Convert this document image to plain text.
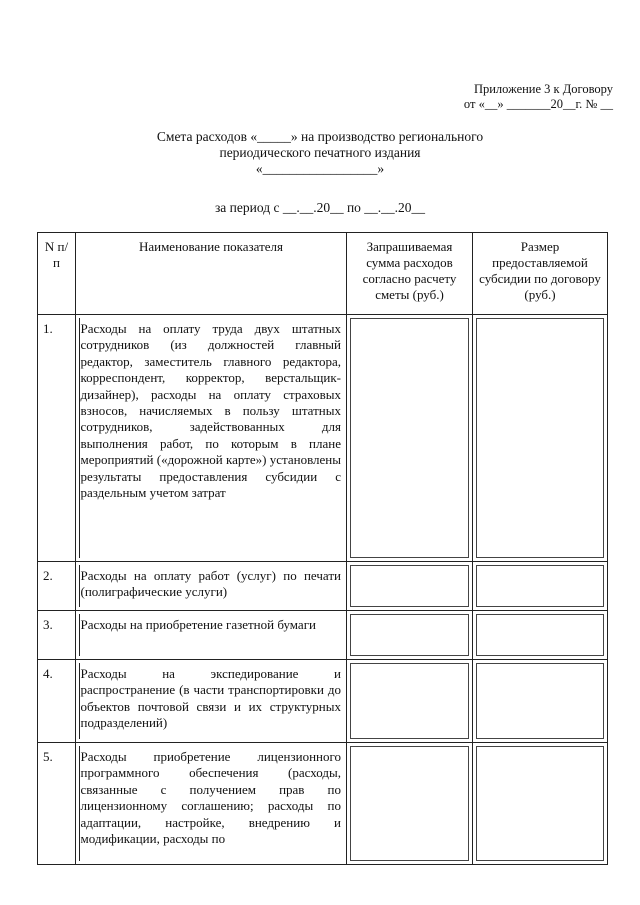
Приложение 3 к Договору
от «__» _______20__г. № __
Смета расходов «_____» на производство регионального
периодического печатного издания
«_________________»
за период с __.__.20__ по __.__.20__
N п/п	Наименование показателя	Запрашиваемая сумма расходов согласно расчету сметы (руб.)	Размер предоставляемой субсидии по договору (руб.)
1.	Расходы на оплату труда двух штатных сотрудников (из должностей главный редактор, заместитель главного редактора, корреспондент, корректор, верстальщик-дизайнер), расходы на оплату страховых взносов, начисляемых в пользу штатных сотрудников, задействованных для выполнения работ, по которым в плане мероприятий («дорожной карте») установлены результаты предоставления субсидии с раздельным учетом затрат		
2.	Расходы на оплату работ (услуг) по печати (полиграфические услуги)		
3.	Расходы на приобретение газетной бумаги		
4.	Расходы на экспедирование и распространение (в части транспортировки до объектов почтовой связи и их структурных подразделений)		
5.	Расходы приобретение лицензионного программного обеспечения (расходы, связанные с получением прав по лицензионному соглашению; расходы по адаптации, настройке, внедрению и модификации, расходы по		
